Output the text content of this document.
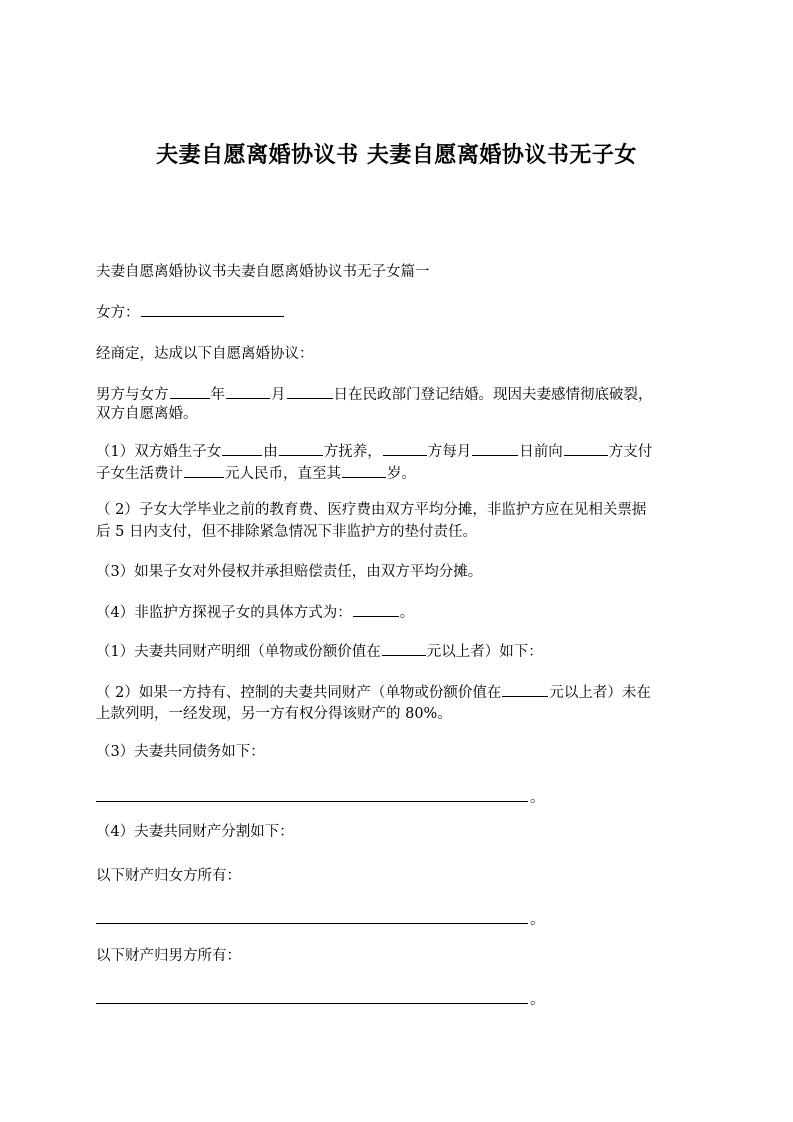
夫妻自愿离婚协议书 夫妻自愿离婚协议书无子女
夫妻自愿离婚协议书夫妻自愿离婚协议书无子女篇一
女方：
经商定，达成以下自愿离婚协议：
男方与女方	年	月	日在民政部门登记结婚。现因夫妻感情彻底破裂，
双方自愿离婚。
（1）双方婚生子女	由	方抚养，	方每月	日前向	方支付
子女生活费计	元人民币，直至其	岁。
（ 2）子女大学毕业之前的教育费、医疗费由双方平均分摊，非监护方应在见相关票据
后 5 日内支付，但不排除紧急情况下非监护方的垫付责任。
（3）如果子女对外侵权并承担赔偿责任，由双方平均分摊。
（4）非监护方探视子女的具体方式为：	。
（1）夫妻共同财产明细（单物或份额价值在	元以上者）如下：
（ 2）如果一方持有、控制的夫妻共同财产（单物或份额价值在	元以上者）未在
上款列明，一经发现，另一方有权分得该财产的 80%。
（3）夫妻共同债务如下：
。
（4）夫妻共同财产分割如下：
以下财产归女方所有：
。
以下财产归男方所有：
。
